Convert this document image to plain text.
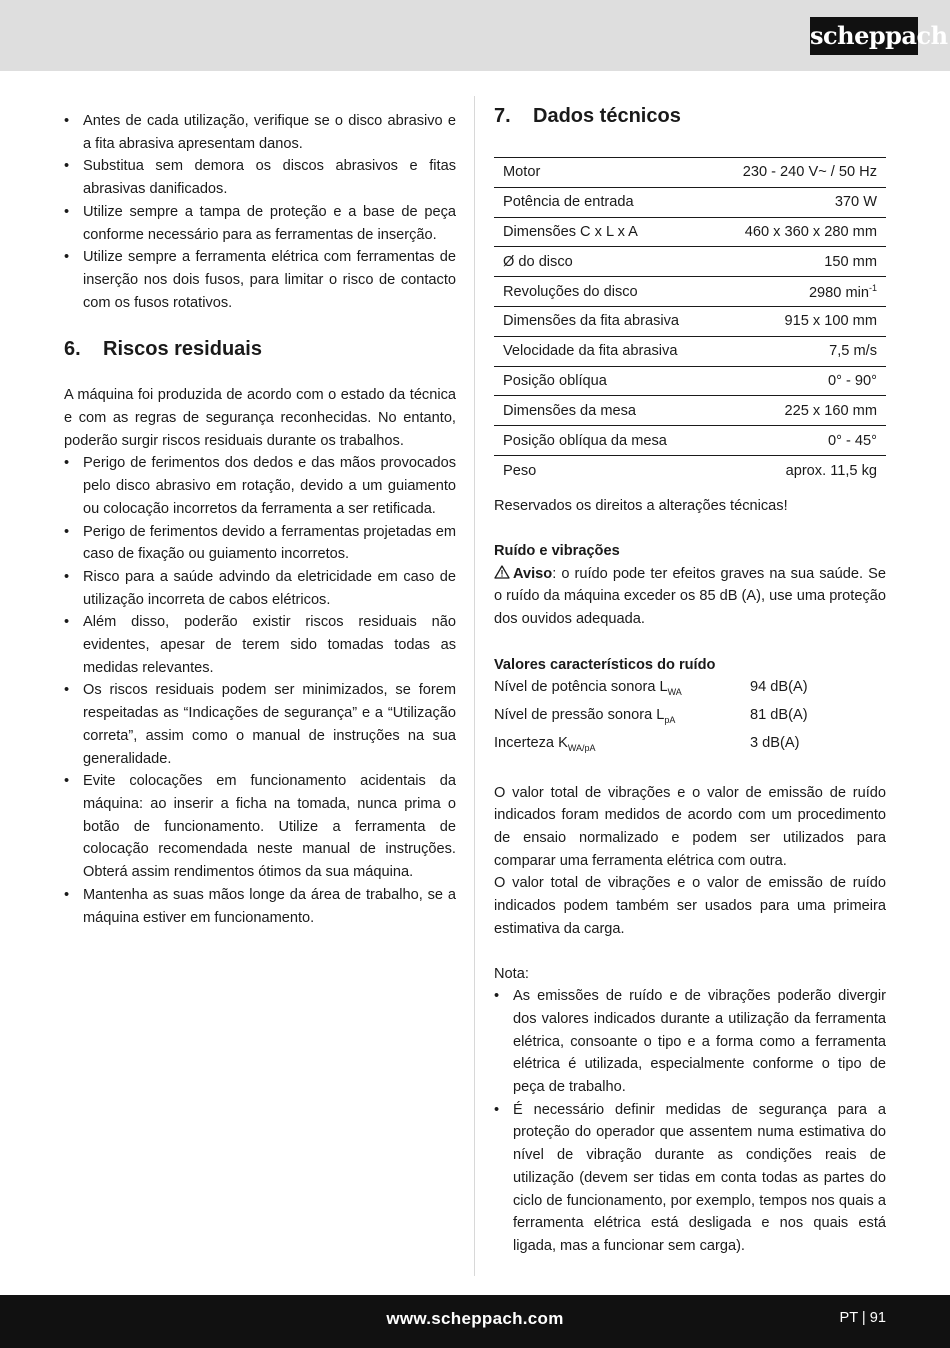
scheppach
• Antes de cada utilização, verifique se o disco abrasivo e a fita abrasiva apresentam danos.
• Substitua sem demora os discos abrasivos e fitas abrasivas danificados.
• Utilize sempre a tampa de proteção e a base de peça conforme necessário para as ferramentas de inserção.
• Utilize sempre a ferramenta elétrica com ferramentas de inserção nos dois fusos, para limitar o risco de contacto com os fusos rotativos.
6.	Riscos residuais

A máquina foi produzida de acordo com o estado da técnica e com as regras de segurança reconhecidas. No entanto, poderão surgir riscos residuais durante os trabalhos.

• Perigo de ferimentos dos dedos e das mãos provocados pelo disco abrasivo em rotação, devido a um guiamento ou colocação incorretos da ferramenta a ser retificada.
• Perigo de ferimentos devido a ferramentas projetadas em caso de fixação ou guiamento incorretos.
• Risco para a saúde advindo da eletricidade em caso de utilização incorreta de cabos elétricos.
• Além disso, poderão existir riscos residuais não evidentes, apesar de terem sido tomadas todas as medidas relevantes.
• Os riscos residuais podem ser minimizados, se forem respeitadas as “Indicações de segurança” e a “Utilização correta”, assim como o manual de instruções na sua generalidade.
• Evite colocações em funcionamento acidentais da máquina: ao inserir a ficha na tomada, nunca prima o botão de funcionamento. Utilize a ferramenta de colocação recomendada neste manual de instruções. Obterá assim rendimentos ótimos da sua máquina.
• Mantenha as suas mãos longe da área de trabalho, se a máquina estiver em funcionamento.
7.	Dados técnicos
Motor	230 - 240 V~ / 50 Hz
Potência de entrada	370 W
Dimensões C x L x A	460 x 360 x 280 mm
Ø do disco	150 mm
Revoluções do disco	2980 $\min^{-1}$
Dimensões da fita abrasiva	915 x 100 mm
Velocidade da fita abrasiva	7,5 m/s
Posição oblíqua	0° - 90°
Dimensões da mesa	225 x 160 mm
Posição oblíqua da mesa	0° - 45°
Peso	aprox. 11,5 kg

Reservados os direitos a alterações técnicas!

Ruído e vibrações

Aviso: o ruído pode ter efeitos graves na sua saúde. Se o ruído da máquina exceder os 85 dB (A), use uma proteção dos ouvidos adequada.

Valores característicos do ruído

Nível de potência sonora $L_{WA}$	94 dB(A)
Nível de pressão sonora $L_{pA}$	81 dB(A)
Incerteza $K_{WA/pA}$	3 dB(A)

O valor total de vibrações e o valor de emissão de ruído indicados foram medidos de acordo com um procedimento de ensaio normalizado e podem ser utilizados para comparar uma ferramenta elétrica com outra.

O valor total de vibrações e o valor de emissão de ruído indicados podem também ser usados para uma primeira estimativa da carga.

Nota:

• As emissões de ruído e de vibrações poderão divergir dos valores indicados durante a utilização da ferramenta elétrica, consoante o tipo e a forma como a ferramenta elétrica é utilizada, especialmente conforme o tipo de peça de trabalho.
• É necessário definir medidas de segurança para a proteção do operador que assentem numa estimativa do nível de vibração durante as condições reais de utilização (devem ser tidas em conta todas as partes do ciclo de funcionamento, por exemplo, tempos nos quais a ferramenta elétrica está desligada e nos quais está ligada, mas a funcionar sem carga).
www.scheppach.com	PT | 91
